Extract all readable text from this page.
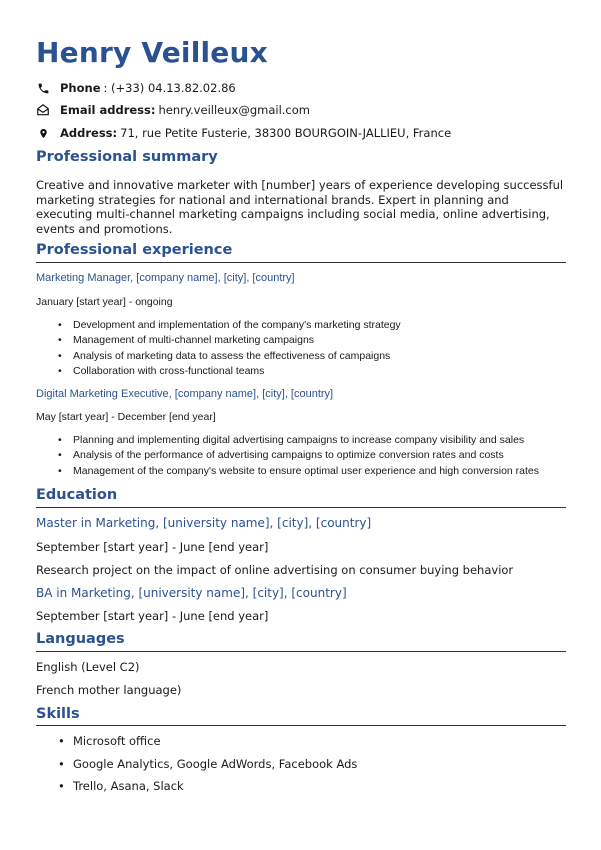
Henry Veilleux
Phone : (+33) 04.13.82.02.86
Email address: henry.veilleux@gmail.com
Address: 71, rue Petite Fusterie, 38300 BOURGOIN-JALLIEU, France
Professional summary
Creative and innovative marketer with [number] years of experience developing successful marketing strategies for national and international brands. Expert in planning and executing multi-channel marketing campaigns including social media, online advertising, events and promotions.
Professional experience
Marketing Manager, [company name], [city], [country]
January [start year] - ongoing
• Development and implementation of the company's marketing strategy
• Management of multi-channel marketing campaigns
• Analysis of marketing data to assess the effectiveness of campaigns
• Collaboration with cross-functional teams
Digital Marketing Executive, [company name], [city], [country]
May [start year] - December [end year]
• Planning and implementing digital advertising campaigns to increase company visibility and sales
• Analysis of the performance of advertising campaigns to optimize conversion rates and costs
• Management of the company's website to ensure optimal user experience and high conversion rates
Education
Master in Marketing, [university name], [city], [country]
September [start year] - June [end year]
Research project on the impact of online advertising on consumer buying behavior
BA in Marketing, [university name], [city], [country]
September [start year] - June [end year]
Languages
English (Level C2)
French mother language)
Skills
• Microsoft office
• Google Analytics, Google AdWords, Facebook Ads
• Trello, Asana, Slack
